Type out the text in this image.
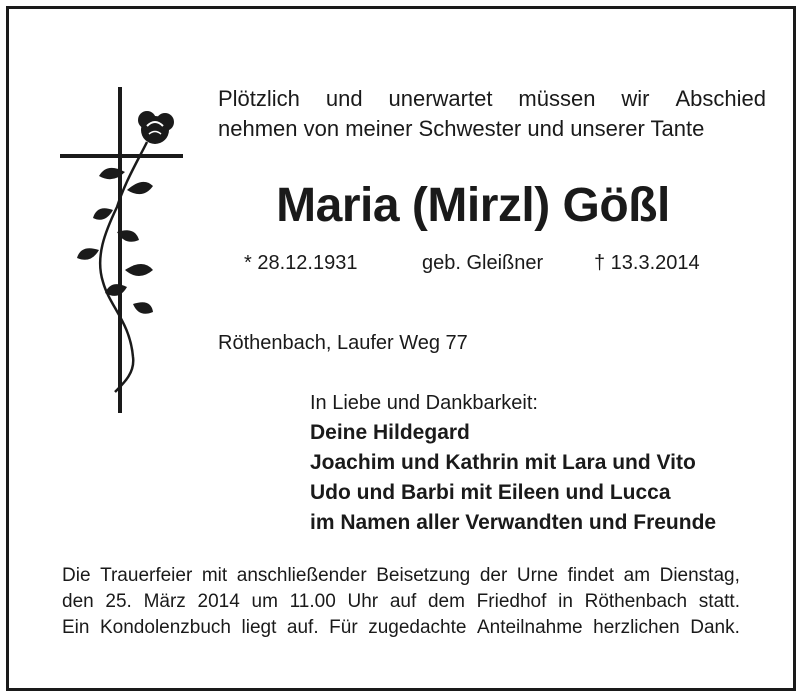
Plötzlich und unerwartet müssen wir Abschied
nehmen von meiner Schwester und unserer Tante
Maria (Mirzl) Gößl
* 28.12.1931	geb. Gleißner	† 13.3.2014
Röthenbach, Laufer Weg 77
In Liebe und Dankbarkeit:
Deine Hildegard
Joachim und Kathrin mit Lara und Vito
Udo und Barbi mit Eileen und Lucca
im Namen aller Verwandten und Freunde
Die Trauerfeier mit anschließender Beisetzung der Urne findet am Dienstag,
den 25. März 2014 um 11.00 Uhr auf dem Friedhof in Röthenbach statt.
Ein Kondolenzbuch liegt auf. Für zugedachte Anteilnahme herzlichen Dank.
